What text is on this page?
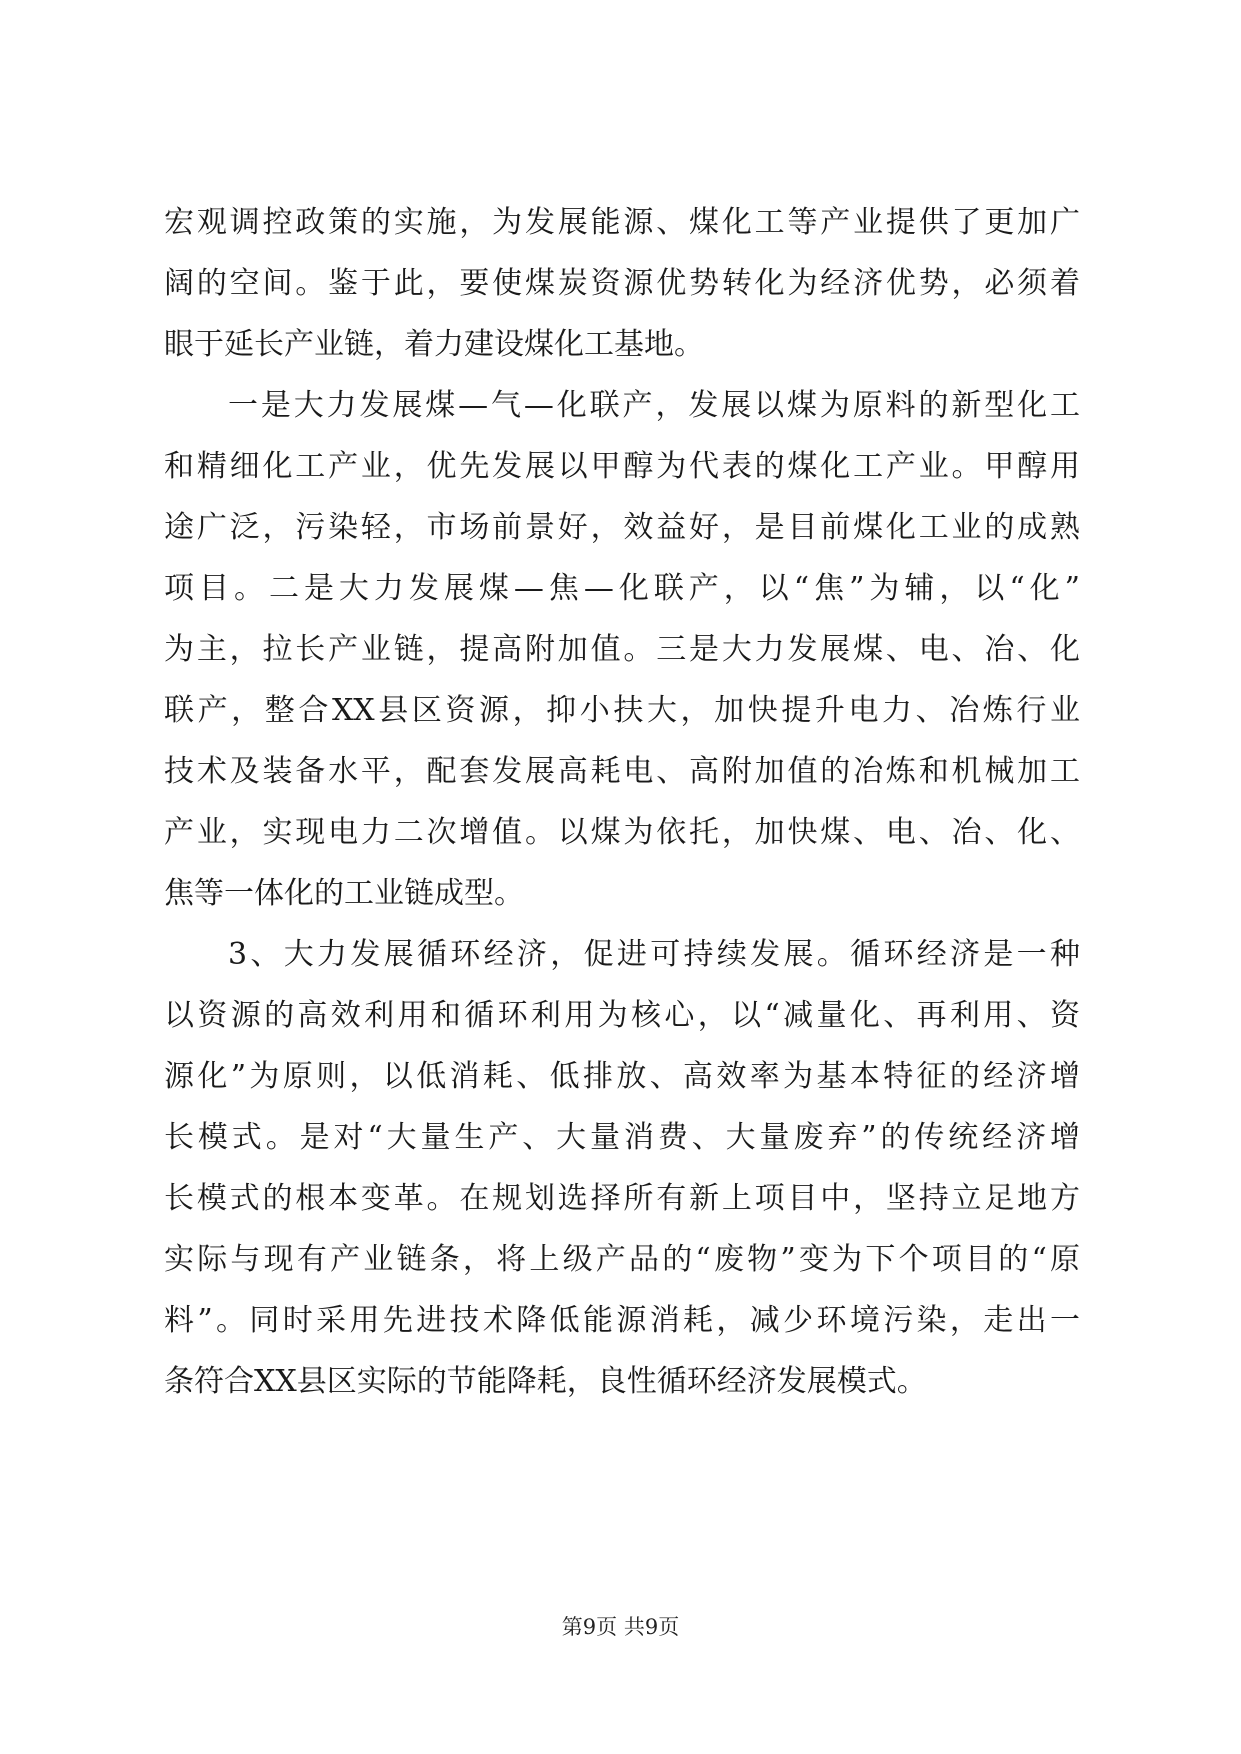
宏观调控政策的实施，为发展能源、煤化工等产业提供了更加广
阔的空间。鉴于此，要使煤炭资源优势转化为经济优势，必须着
眼于延长产业链，着力建设煤化工基地。
一是大力发展煤—气—化联产，发展以煤为原料的新型化工
和精细化工产业，优先发展以甲醇为代表的煤化工产业。甲醇用
途广泛，污染轻，市场前景好，效益好，是目前煤化工业的成熟
项目。二是大力发展煤—焦—化联产，以“焦”为辅，以“化”
为主，拉长产业链，提高附加值。三是大力发展煤、电、冶、化
联产，整合XX县区资源，抑小扶大，加快提升电力、冶炼行业
技术及装备水平，配套发展高耗电、高附加值的冶炼和机械加工
产业，实现电力二次增值。以煤为依托，加快煤、电、冶、化、
焦等一体化的工业链成型。
3、大力发展循环经济，促进可持续发展。循环经济是一种
以资源的高效利用和循环利用为核心，以“减量化、再利用、资
源化”为原则，以低消耗、低排放、高效率为基本特征的经济增
长模式。是对“大量生产、大量消费、大量废弃”的传统经济增
长模式的根本变革。在规划选择所有新上项目中，坚持立足地方
实际与现有产业链条，将上级产品的“废物”变为下个项目的“原
料”。同时采用先进技术降低能源消耗，减少环境污染，走出一
条符合XX县区实际的节能降耗，良性循环经济发展模式。
第9页 共9页
